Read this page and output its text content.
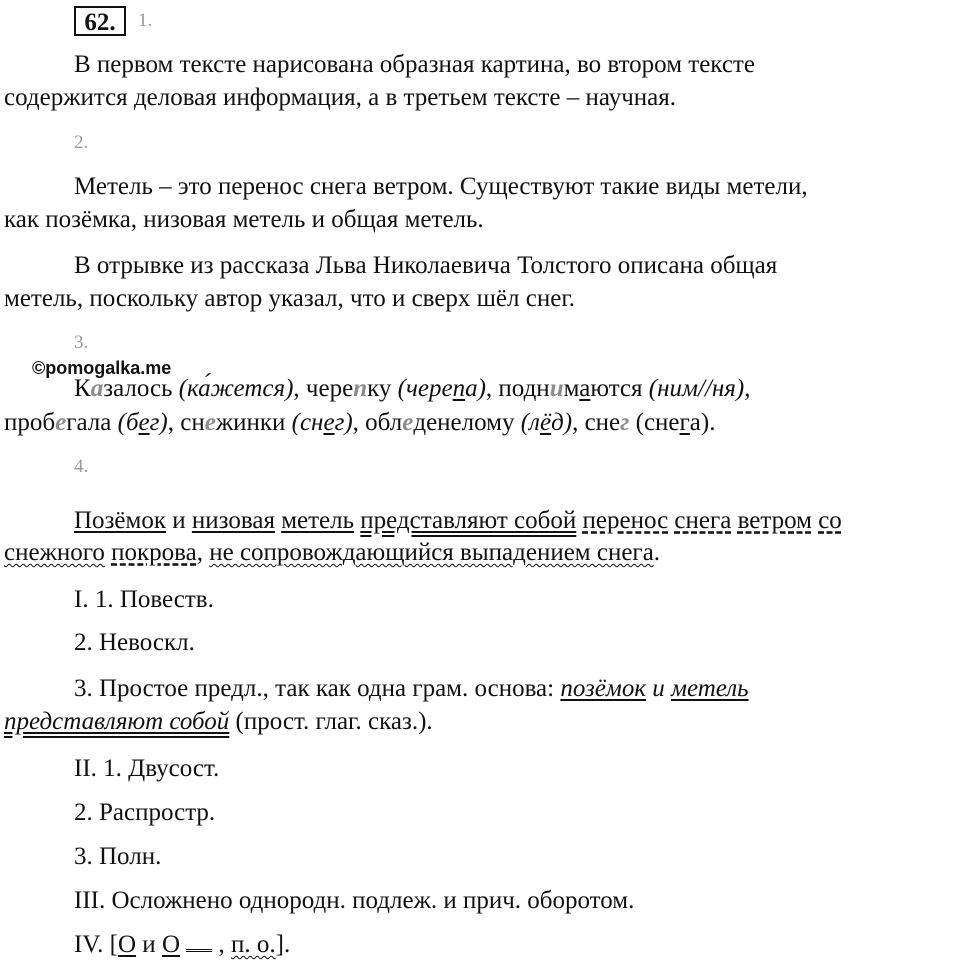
62.	1.
В первом тексте нарисована образная картина, во втором тексте
содержится деловая информация, а в третьем тексте – научная.
2.
Метель – это перенос снега ветром. Существуют такие виды метели,
как позёмка, низовая метель и общая метель.
В отрывке из рассказа Льва Николаевича Толстого описана общая
метель, поскольку автор указал, что и сверх шёл снег.
3.
©pomogalka.me
Казалось (ка́жется), черепку (черепа), поднимаются (ним//ня),
пробегала (бег), снежинки (снег), обледенелому (лёд), снег (снега).
4.
Позёмок и низовая метель представляют собой перенос снега ветром со
снежного покрова, не сопровождающийся выпадением снега.
I. 1. Повеств.
2. Невоскл.
3. Простое предл., так как одна грам. основа: позёмок и метель
представляют собой (прост. глаг. сказ.).
II. 1. Двусост.
2. Распростр.
3. Полн.
III. Осложнено однородн. подлеж. и прич. оборотом.
IV. [О и О  , п. о.].
